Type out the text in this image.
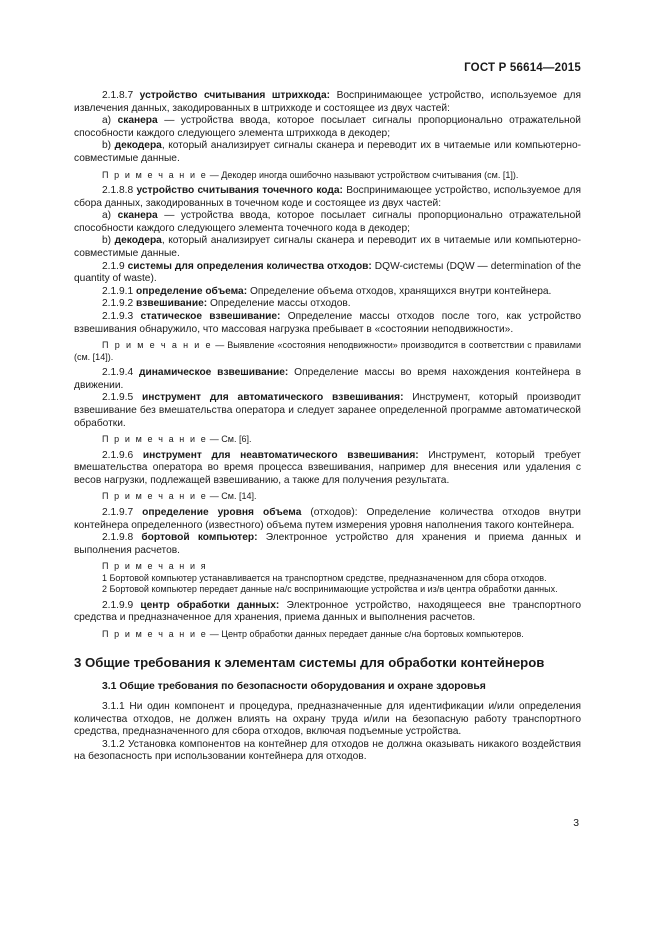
ГОСТ Р 56614—2015

2.1.8.7 устройство считывания штрихкода: Воспринимающее устройство, используемое для извлечения данных, закодированных в штрихкоде и состоящее из двух частей:

a) сканера — устройства ввода, которое посылает сигналы пропорционально отражательной способности каждого следующего элемента штрихкода в декодер;

b) декодера, который анализирует сигналы сканера и переводит их в читаемые или компьютерно-совместимые данные.

П р и м е ч а н и е — Декодер иногда ошибочно называют устройством считывания (см. [1]).

2.1.8.8 устройство считывания точечного кода: Воспринимающее устройство, используемое для сбора данных, закодированных в точечном коде и состоящее из двух частей:

a) сканера — устройства ввода, которое посылает сигналы пропорционально отражательной способности каждого следующего элемента точечного кода в декодер;

b) декодера, который анализирует сигналы сканера и переводит их в читаемые или компьютерно-совместимые данные.

2.1.9 системы для определения количества отходов: DQW-системы (DQW — determination of the quantity of waste).

2.1.9.1 определение объема: Определение объема отходов, хранящихся внутри контейнера.

2.1.9.2 взвешивание: Определение массы отходов.

2.1.9.3 статическое взвешивание: Определение массы отходов после того, как устройство взвешивания обнаружило, что массовая нагрузка пребывает в «состоянии неподвижности».

П р и м е ч а н и е — Выявление «состояния неподвижности» производится в соответствии с правилами (см. [14]).

2.1.9.4 динамическое взвешивание: Определение массы во время нахождения контейнера в движении.

2.1.9.5 инструмент для автоматического взвешивания: Инструмент, который производит взвешивание без вмешательства оператора и следует заранее определенной программе автоматической обработки.

П р и м е ч а н и е — См. [6].

2.1.9.6 инструмент для неавтоматического взвешивания: Инструмент, который требует вмешательства оператора во время процесса взвешивания, например для внесения или удаления с весов нагрузки, подлежащей взвешиванию, а также для получения результата.

П р и м е ч а н и е — См. [14].

2.1.9.7 определение уровня объема (отходов): Определение количества отходов внутри контейнера определенного (известного) объема путем измерения уровня наполнения такого контейнера.

2.1.9.8 бортовой компьютер: Электронное устройство для хранения и приема данных и выполнения расчетов.

П р и м е ч а н и я

1 Бортовой компьютер устанавливается на транспортном средстве, предназначенном для сбора отходов.

2 Бортовой компьютер передает данные на/с воспринимающие устройства и из/в центра обработки данных.

2.1.9.9 центр обработки данных: Электронное устройство, находящееся вне транспортного средства и предназначенное для хранения, приема данных и выполнения расчетов.

П р и м е ч а н и е — Центр обработки данных передает данные с/на бортовых компьютеров.

3 Общие требования к элементам системы для обработки контейнеров

3.1 Общие требования по безопасности оборудования и охране здоровья

3.1.1 Ни один компонент и процедура, предназначенные для идентификации и/или определения количества отходов, не должен влиять на охрану труда и/или на безопасную работу транспортного средства, предназначенного для сбора отходов, включая подъемные устройства.

3.1.2 Установка компонентов на контейнер для отходов не должна оказывать никакого воздействия на безопасность при использовании контейнера для отходов.

3
